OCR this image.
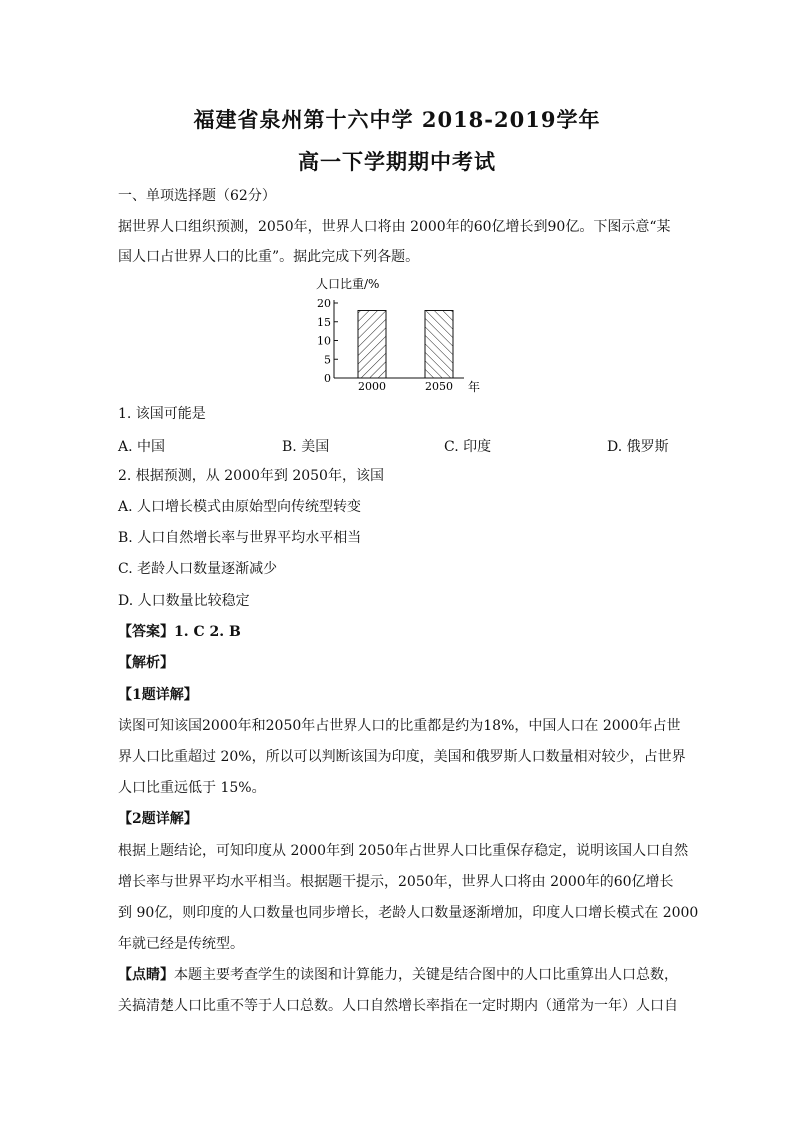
福建省泉州第十六中学 2018-2019学年
高一下学期期中考试
一、单项选择题（62分）
据世界人口组织预测，2050年，世界人口将由 2000年的60亿增长到90亿。下图示意“某
国人口占世界人口的比重”。据此完成下列各题。
人口比重/%
0
5
10
15
20
2000	2050 年
1. 该国可能是
A. 中国	B. 美国	C. 印度	D. 俄罗斯
2. 根据预测，从 2000年到 2050年，该国
A. 人口增长模式由原始型向传统型转变
B. 人口自然增长率与世界平均水平相当
C. 老龄人口数量逐渐减少
D. 人口数量比较稳定
【答案】1. C 2. B
【解析】
【1题详解】
读图可知该国2000年和2050年占世界人口的比重都是约为18%，中国人口在 2000年占世
界人口比重超过 20%，所以可以判断该国为印度，美国和俄罗斯人口数量相对较少，占世界
人口比重远低于 15%。
【2题详解】
根据上题结论，可知印度从 2000年到 2050年占世界人口比重保存稳定，说明该国人口自然
增长率与世界平均水平相当。根据题干提示，2050年，世界人口将由 2000年的60亿增长
到 90亿，则印度的人口数量也同步增长，老龄人口数量逐渐增加，印度人口增长模式在 2000
年就已经是传统型。
【点睛】本题主要考查学生的读图和计算能力，关键是结合图中的人口比重算出人口总数，
关搞清楚人口比重不等于人口总数。人口自然增长率指在一定时期内（通常为一年）人口自
